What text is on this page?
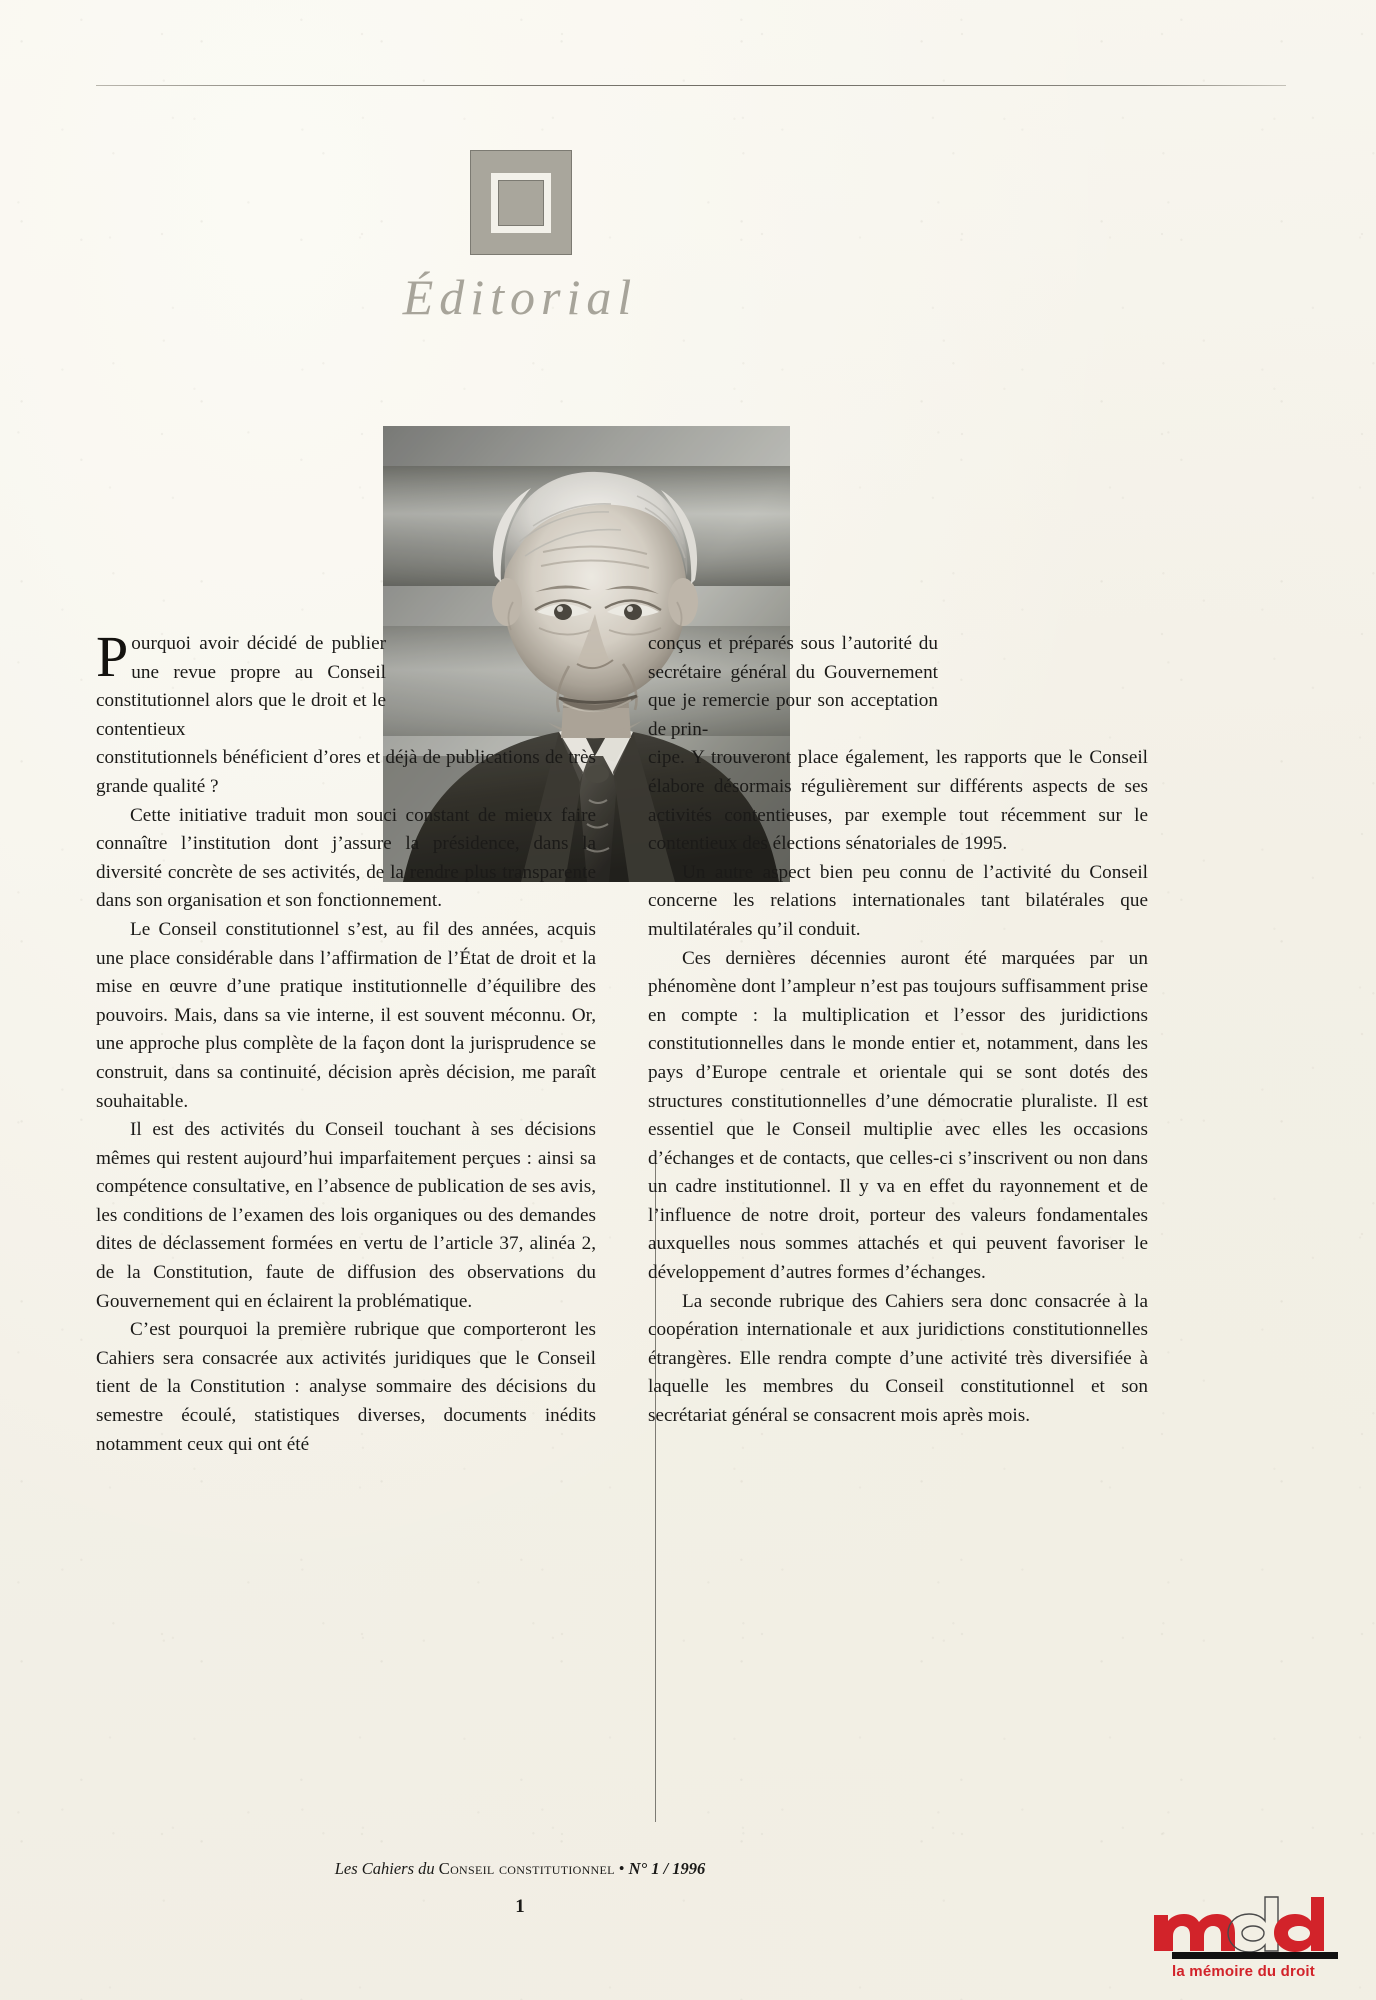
Éditorial

Pourquoi avoir décidé de publier une revue propre au Conseil constitutionnel alors que le droit et le contentieux

constitutionnels bénéficient d’ores et déjà de publications de très grande qualité ?

Cette initiative traduit mon souci constant de mieux faire connaître l’institution dont j’assure la présidence, dans la diversité concrète de ses activités, de la rendre plus transparente dans son organisation et son fonctionnement.

Le Conseil constitutionnel s’est, au fil des années, acquis une place considérable dans l’affirmation de l’État de droit et la mise en œuvre d’une pratique institutionnelle d’équilibre des pouvoirs. Mais, dans sa vie interne, il est souvent méconnu. Or, une approche plus complète de la façon dont la jurisprudence se construit, dans sa continuité, décision après décision, me paraît souhaitable.

Il est des activités du Conseil touchant à ses décisions mêmes qui restent aujourd’hui imparfaitement perçues : ainsi sa compétence consultative, en l’absence de publication de ses avis, les conditions de l’examen des lois organiques ou des demandes dites de déclassement formées en vertu de l’article 37, alinéa 2, de la Constitution, faute de diffusion des observations du Gouvernement qui en éclairent la problématique.

C’est pourquoi la première rubrique que comporteront les Cahiers sera consacrée aux activités juridiques que le Conseil tient de la Constitution : analyse sommaire des décisions du semestre écoulé, statistiques diverses, documents inédits notamment ceux qui ont été

conçus et préparés sous l’autorité du secrétaire général du Gouvernement que je remercie pour son acceptation de prin-

cipe. Y trouveront place également, les rapports que le Conseil élabore désormais régulièrement sur différents aspects de ses activités contentieuses, par exemple tout récemment sur le contentieux des élections sénatoriales de 1995.

Un autre aspect bien peu connu de l’activité du Conseil concerne les relations internationales tant bilatérales que multilatérales qu’il conduit.

Ces dernières décennies auront été marquées par un phénomène dont l’ampleur n’est pas toujours suffisamment prise en compte : la multiplication et l’essor des juridictions constitutionnelles dans le monde entier et, notamment, dans les pays d’Europe centrale et orientale qui se sont dotés des structures constitutionnelles d’une démocratie pluraliste. Il est essentiel que le Conseil multiplie avec elles les occasions d’échanges et de contacts, que celles-ci s’inscrivent ou non dans un cadre institutionnel. Il y va en effet du rayonnement et de l’influence de notre droit, porteur des valeurs fondamentales auxquelles nous sommes attachés et qui peuvent favoriser le développement d’autres formes d’échanges.

La seconde rubrique des Cahiers sera donc consacrée à la coopération internationale et aux juridictions constitutionnelles étrangères. Elle rendra compte d’une activité très diversifiée à laquelle les membres du Conseil constitutionnel et son secrétariat général se consacrent mois après mois.

Les Cahiers du Conseil constitutionnel • N° 1 / 1996
1
la mémoire du droit
